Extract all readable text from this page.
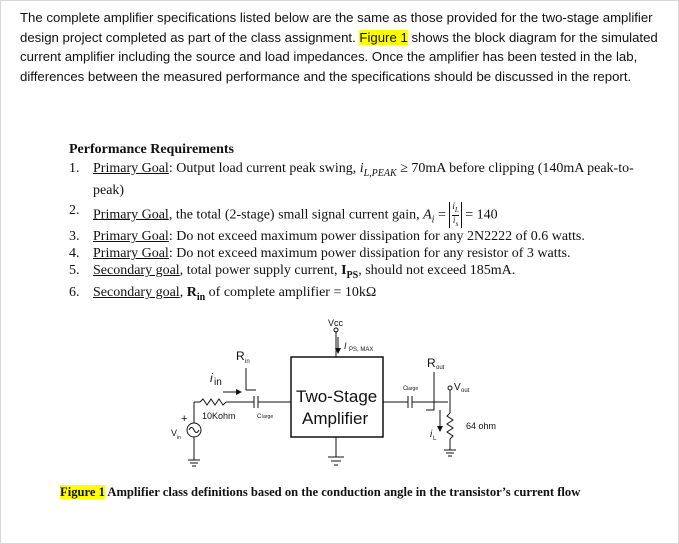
The complete amplifier specifications listed below are the same as those provided for the two-stage amplifier design project completed as part of the class assignment. Figure 1 shows the block diagram for the simulated current amplifier including the source and load impedances. Once the amplifier has been tested in the lab, differences between the measured performance and the specifications should be discussed in the report.

Performance Requirements
1. Primary Goal: Output load current peak swing, $i_{L,PEAK} \ge 70mA$ before clipping (140mA peak-to-peak)
2. Primary Goal, the total (2-stage) small signal current gain, $A_i = \frac{i_L}{i_s} = 140$
3. Primary Goal: Do not exceed maximum power dissipation for any 2N2222 of 0.6 watts.
4. Primary Goal: Do not exceed maximum power dissipation for any resistor of 3 watts.
5. Secondary goal, total power supply current, $I_{PS}$, should not exceed 185mA.
6. Secondary goal, $R_{in}$ of complete amplifier = 10kΩ
Vcc
I PS, MAX
R in
i in
+
V in
10Kohm	C large
Two-Stage
Amplifier
R out
C large	V out
i L
64 ohm
Figure 1 Amplifier class definitions based on the conduction angle in the transistor’s current flow
